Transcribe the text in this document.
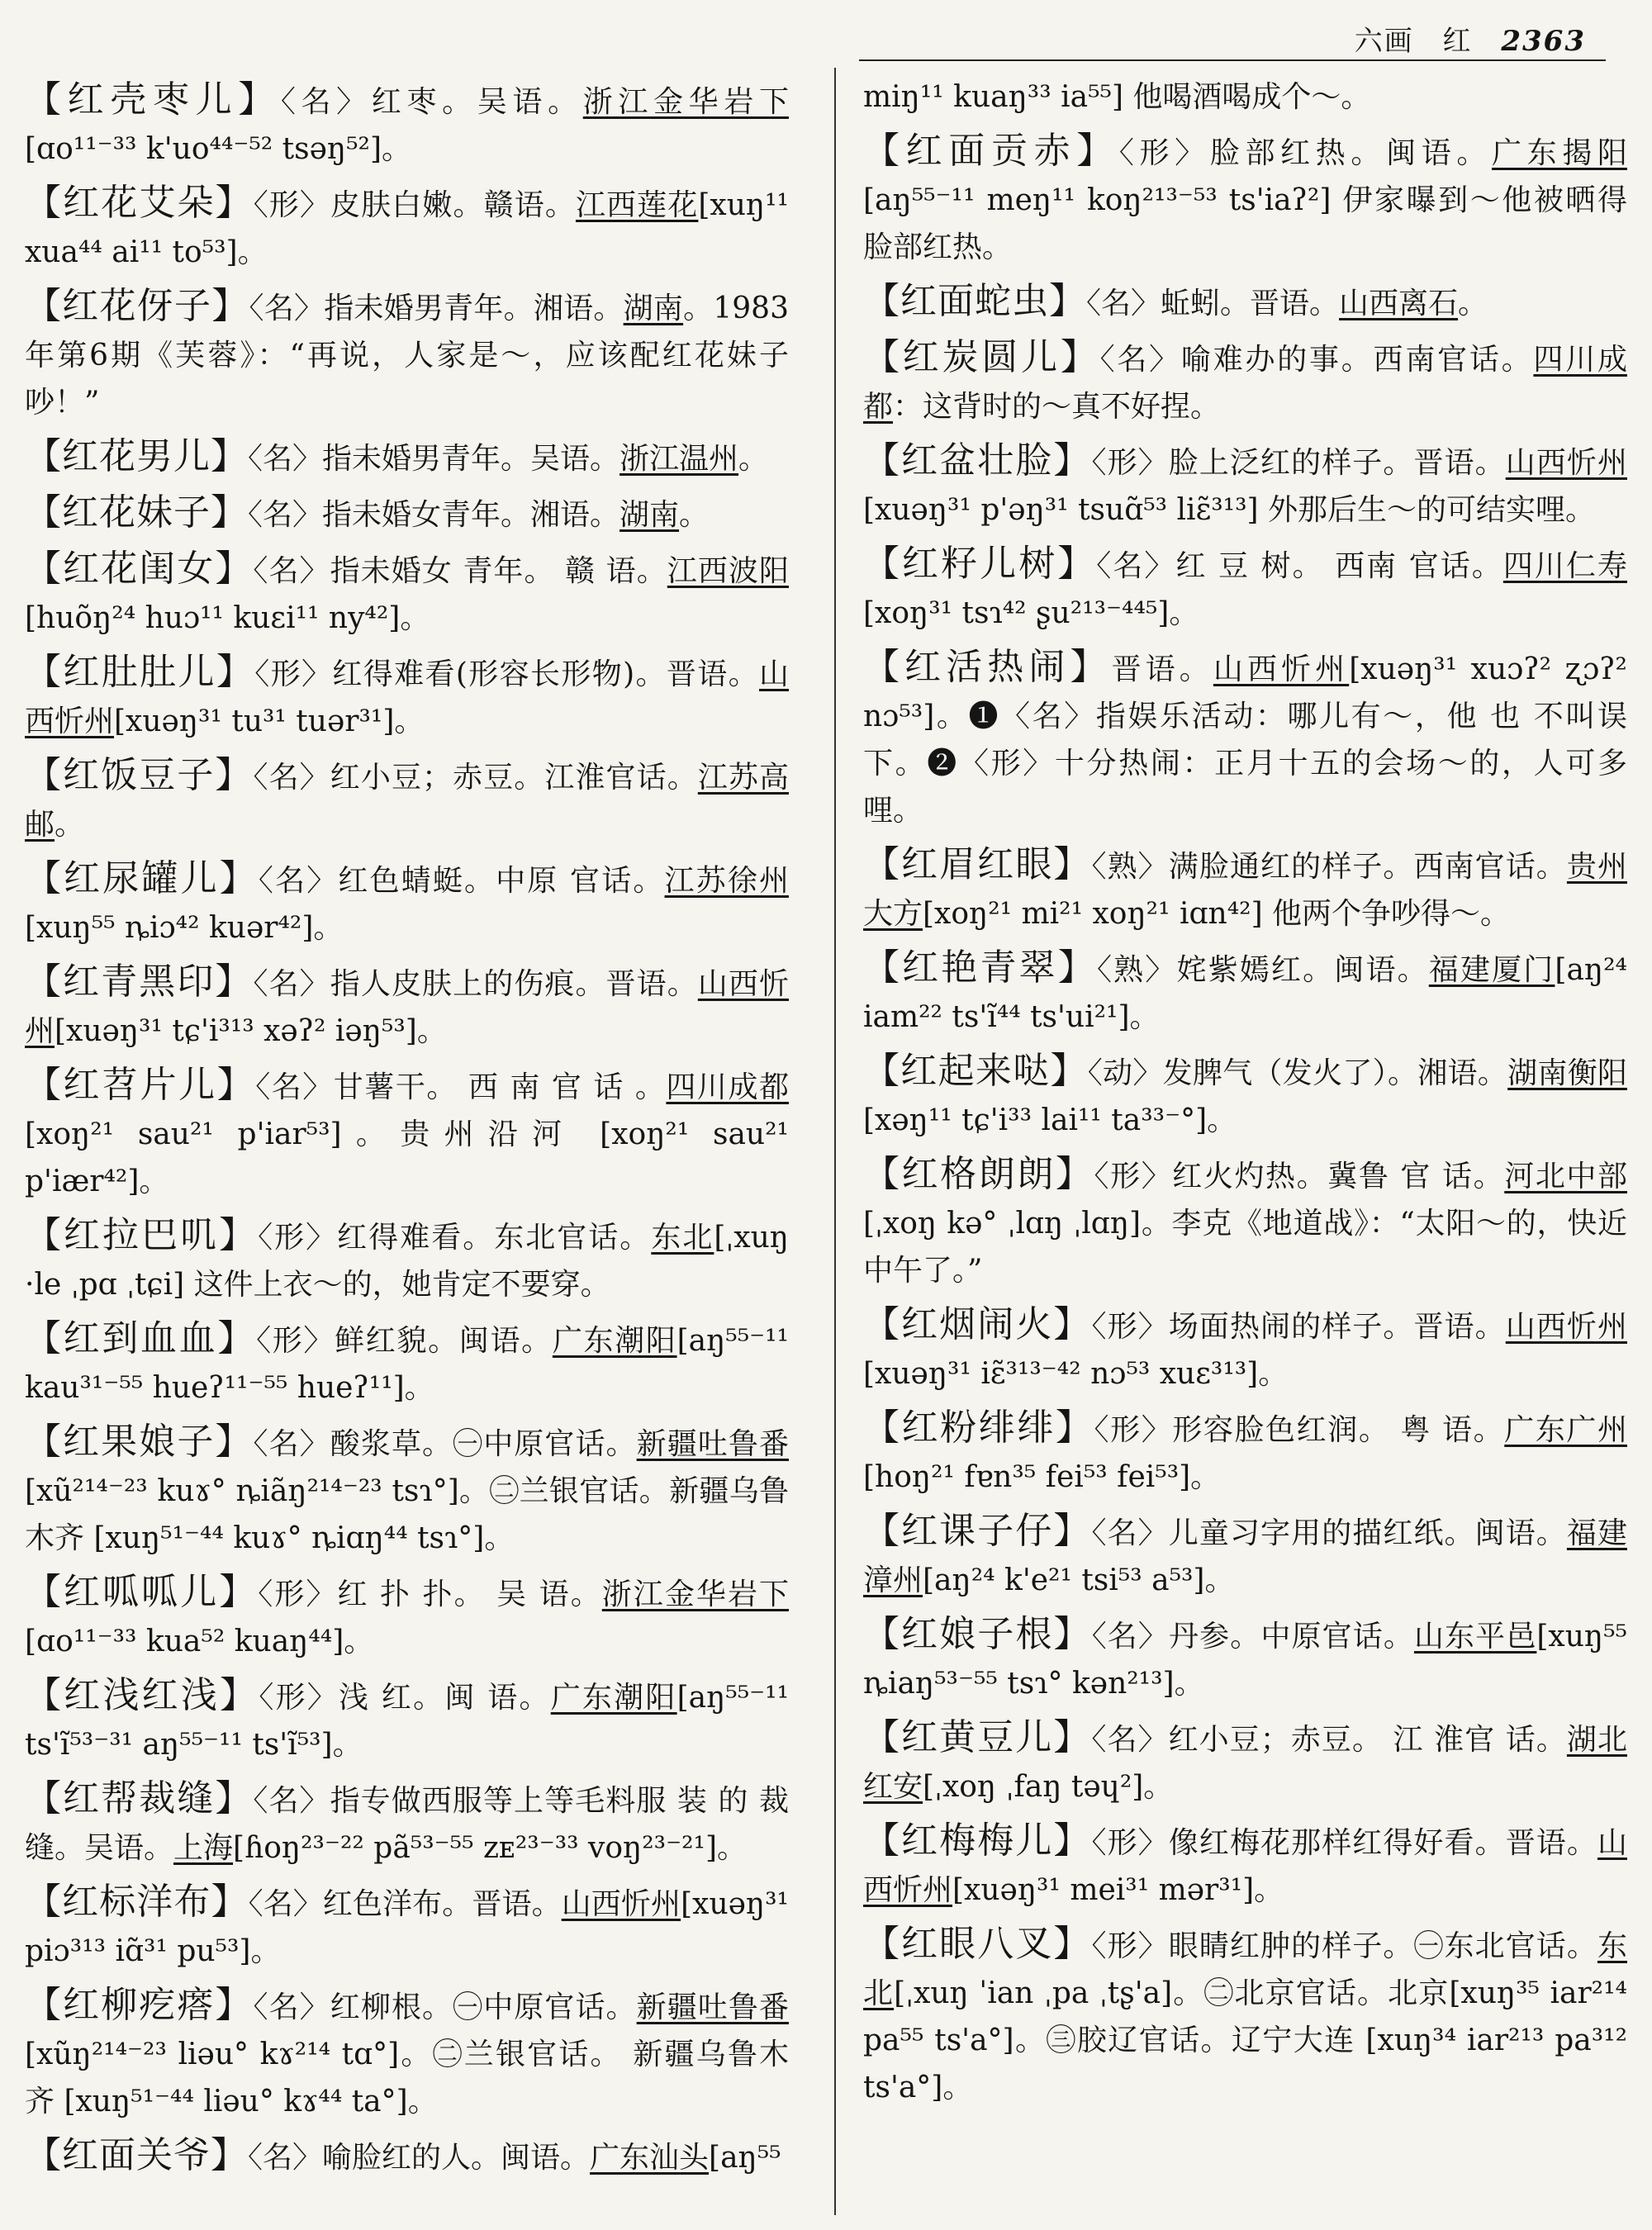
六画 红 2363
【红壳枣儿】〈名〉红枣。吴语。浙江金华岩下[ɑo¹¹⁻³³ k'uo⁴⁴⁻⁵² tsəŋ⁵²]。
【红花艾朵】〈形〉皮肤白嫩。赣语。江西莲花[xuŋ¹¹ xua⁴⁴ ai¹¹ to⁵³]。
【红花伢子】〈名〉指未婚男青年。湘语。湖南。1983年第6期《芙蓉》：“再说，人家是～，应该配红花妹子吵！”
【红花男儿】〈名〉指未婚男青年。吴语。浙江温州。
【红花妹子】〈名〉指未婚女青年。湘语。湖南。
【红花闺女】〈名〉指未婚女 青年。 赣 语。江西波阳[huõŋ²⁴ huɔ¹¹ kuɛi¹¹ ny⁴²]。
【红肚肚儿】〈形〉红得难看(形容长形物)。晋语。山西忻州[xuəŋ³¹ tu³¹ tuər³¹]。
【红饭豆子】〈名〉红小豆；赤豆。江淮官话。江苏高邮。
【红尿罐儿】〈名〉红色蜻蜓。中原 官话。江苏徐州[xuŋ⁵⁵ ȵiɔ⁴² kuər⁴²]。
【红青黑印】〈名〉指人皮肤上的伤痕。晋语。山西忻州[xuəŋ³¹ tɕ'i³¹³ xəʔ² iəŋ⁵³]。
【红苕片儿】〈名〉甘薯干。 西 南 官 话 。四川成都[xoŋ²¹ sau²¹ p'iar⁵³]。贵州沿河 [xoŋ²¹ sau²¹ p'iær⁴²]。
【红拉巴叽】〈形〉红得难看。东北官话。东北[ˌxuŋ ·le ˌpɑ ˌtɕi] 这件上衣～的，她肯定不要穿。
【红到血血】〈形〉鲜红貌。闽语。广东潮阳[aŋ⁵⁵⁻¹¹ kau³¹⁻⁵⁵ hueʔ¹¹⁻⁵⁵ hueʔ¹¹]。
【红果娘子】〈名〉酸浆草。㊀中原官话。新疆吐鲁番[xũ²¹⁴⁻²³ kuɤ° ȵiãŋ²¹⁴⁻²³ tsɿ°]。㊁兰银官话。新疆乌鲁木齐 [xuŋ⁵¹⁻⁴⁴ kuɤ° ȵiɑŋ⁴⁴ tsɿ°]。
【红呱呱儿】〈形〉红 扑 扑。 吴 语。浙江金华岩下[ɑo¹¹⁻³³ kua⁵² kuaŋ⁴⁴]。
【红浅红浅】〈形〉浅 红。闽 语。广东潮阳[aŋ⁵⁵⁻¹¹ ts'ĩ⁵³⁻³¹ aŋ⁵⁵⁻¹¹ ts'ĩ⁵³]。
【红帮裁缝】〈名〉指专做西服等上等毛料服 装 的 裁缝。吴语。上海[ɦoŋ²³⁻²² pã⁵³⁻⁵⁵ zᴇ²³⁻³³ voŋ²³⁻²¹]。
【红标洋布】〈名〉红色洋布。晋语。山西忻州[xuəŋ³¹ piɔ³¹³ iɑ̃³¹ pu⁵³]。
【红柳疙瘩】〈名〉红柳根。㊀中原官话。新疆吐鲁番[xũŋ²¹⁴⁻²³ liəu° kɤ²¹⁴ tɑ°]。㊁兰银官话。 新疆乌鲁木齐 [xuŋ⁵¹⁻⁴⁴ liəu° kɤ⁴⁴ ta°]。
【红面关爷】〈名〉喻脸红的人。闽语。广东汕头[aŋ⁵⁵
miŋ¹¹ kuaŋ³³ ia⁵⁵] 他喝酒喝成个～。
【红面贡赤】〈形〉脸部红热。闽语。广东揭阳[aŋ⁵⁵⁻¹¹ meŋ¹¹ koŋ²¹³⁻⁵³ ts'iaʔ²] 伊家曝到～他被晒得脸部红热。
【红面蛇虫】〈名〉蚯蚓。晋语。山西离石。
【红炭圆儿】〈名〉喻难办的事。西南官话。四川成都：这背时的～真不好捏。
【红盆壮脸】〈形〉脸上泛红的样子。晋语。山西忻州[xuəŋ³¹ p'əŋ³¹ tsuɑ̃⁵³ liɛ̃³¹³] 外那后生～的可结实哩。
【红籽儿树】〈名〉红 豆 树。 西南 官话。四川仁寿[xoŋ³¹ tsɿ⁴² ʂu²¹³⁻⁴⁴⁵]。
【红活热闹】晋语。山西忻州[xuəŋ³¹ xuɔʔ² ʐɔʔ² nɔ⁵³]。❶〈名〉指娱乐活动：哪儿有～，他 也 不叫误下。❷〈形〉十分热闹：正月十五的会场～的，人可多哩。
【红眉红眼】〈熟〉满脸通红的样子。西南官话。贵州大方[xoŋ²¹ mi²¹ xoŋ²¹ iɑn⁴²] 他两个争吵得～。
【红艳青翠】〈熟〉姹紫嫣红。闽语。福建厦门[aŋ²⁴ iam²² ts'ĩ⁴⁴ ts'ui²¹]。
【红起来哒】〈动〉发脾气（发火了）。湘语。湖南衡阳[xəŋ¹¹ tɕ'i³³ lai¹¹ ta³³⁻°]。
【红格朗朗】〈形〉红火灼热。冀鲁 官 话。河北中部[ˌxoŋ kə° ˌlɑŋ ˌlɑŋ]。李克《地道战》：“太阳～的，快近中午了。”
【红烟闹火】〈形〉场面热闹的样子。晋语。山西忻州[xuəŋ³¹ iɛ̃³¹³⁻⁴² nɔ⁵³ xuɛ³¹³]。
【红粉绯绯】〈形〉形容脸色红润。 粤 语。广东广州[hoŋ²¹ fɐn³⁵ fei⁵³ fei⁵³]。
【红课子仔】〈名〉儿童习字用的描红纸。闽语。福建漳州[aŋ²⁴ k'e²¹ tsi⁵³ a⁵³]。
【红娘子根】〈名〉丹参。中原官话。山东平邑[xuŋ⁵⁵ ȵiaŋ⁵³⁻⁵⁵ tsɿ° kən²¹³]。
【红黄豆儿】〈名〉红小豆；赤豆。 江 淮官 话。湖北红安[ˌxoŋ ˌfaŋ təɥ²]。
【红梅梅儿】〈形〉像红梅花那样红得好看。晋语。山西忻州[xuəŋ³¹ mei³¹ mər³¹]。
【红眼八叉】〈形〉眼睛红肿的样子。㊀东北官话。东北[ˌxuŋ ˈian ˌpa ˌtʂ'a]。㊁北京官话。北京[xuŋ³⁵ iar²¹⁴ pa⁵⁵ ts'a°]。㊂胶辽官话。辽宁大连 [xuŋ³⁴ iar²¹³ pa³¹² ts'a°]。
